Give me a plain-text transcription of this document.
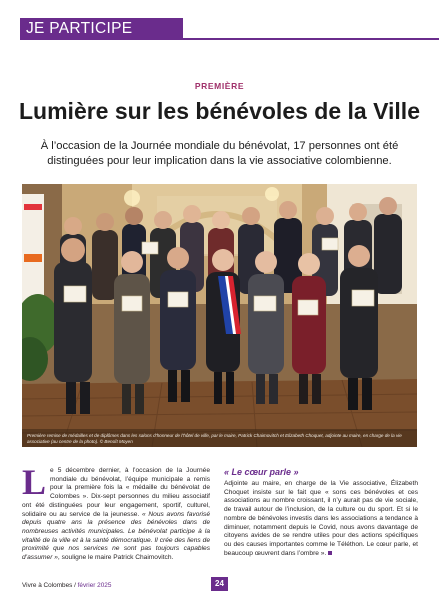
JE PARTICIPE
PREMIÈRE
Lumière sur les bénévoles de la Ville

À l’occasion de la Journée mondiale du bénévolat, 17 personnes ont été distinguées pour leur implication dans la vie associative colombienne.

Première remise de médailles et de diplômes dans les salons d’honneur de l’hôtel de ville, par le maire, Patrick Chaimovitch et Elizabeth Choquet, adjointe au maire, en charge de la vie associative (au centre de la photo). © Benoît Moyen

Le 5 décembre dernier, à l’occasion de la Journée mondiale du bénévolat, l’équipe municipale a remis pour la première fois la « médaille du bénévolat de Colombes ». Dix-sept personnes du milieu associatif ont été distinguées pour leur engagement, sportif, culturel, solidaire ou au service de la jeunesse. « Nous avons favorisé depuis quatre ans la présence des bénévoles dans de nombreuses activités municipales. Le bénévolat participe à la vitalité de la ville et à la santé démocratique. Il crée des liens de proximité que nos services ne sont pas toujours capables d’assumer », souligne le maire Patrick Chaimovitch.
« Le cœur parle »
Adjointe au maire, en charge de la Vie associative, Élizabeth Choquet insiste sur le fait que « sons ces bénévoles et ces associations au nombre croissant, il n’y aurait pas de vie sociale, de travail autour de l’inclusion, de la culture ou du sport. Et si le nombre de bénévoles investis dans les associations a tendance à diminuer, notamment depuis le Covid, nous avons davantage de citoyens avides de se rendre utiles pour des actions spécifiques ou des causes importantes comme le Téléthon. Le cœur parle, et beaucoup œuvrent dans l’ombre ».
Vivre à Colombes / février 2025	24
